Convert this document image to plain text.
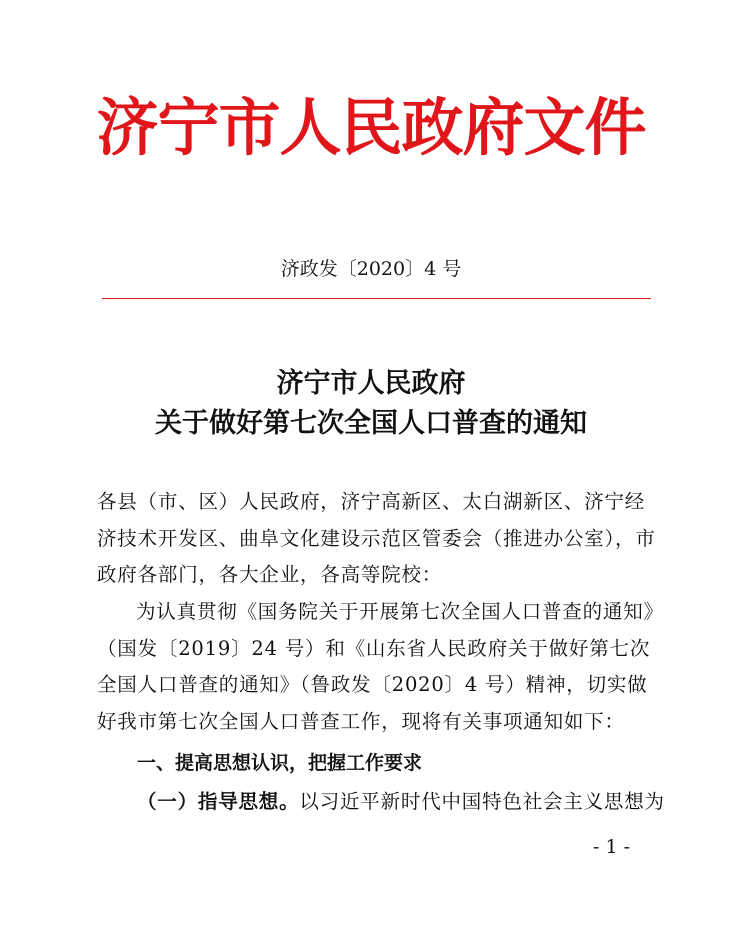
济宁市人民政府文件
济政发〔2020〕4 号
济宁市人民政府
关于做好第七次全国人口普查的通知

各县（市、区）人民政府，济宁高新区、太白湖新区、济宁经济技术开发区、曲阜文化建设示范区管委会（推进办公室），市政府各部门，各大企业，各高等院校：

为认真贯彻《国务院关于开展第七次全国人口普查的通知》（国发〔2019〕24 号）和《山东省人民政府关于做好第七次全国人口普查的通知》（鲁政发〔2020〕4 号）精神，切实做好我市第七次全国人口普查工作，现将有关事项通知如下：

一、提高思想认识，把握工作要求
（一）指导思想。以习近平新时代中国特色社会主义思想为
- 1 -
